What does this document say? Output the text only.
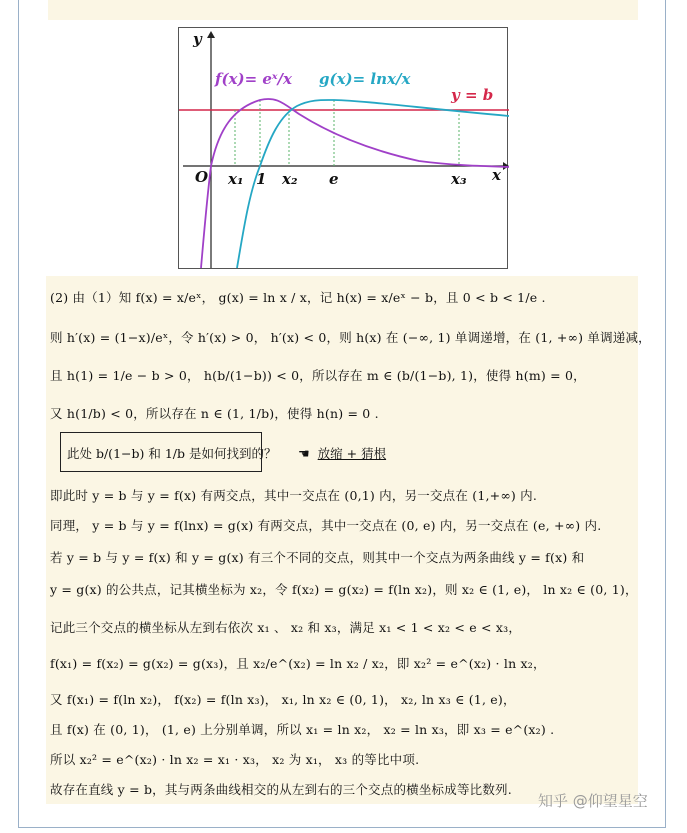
y
x
O
f(x)= eˣ/x g(x)= lnx/x
y = b
x₁ 1 x₂ e	x₃
(2) 由（1）知 f(x) = x/eˣ， g(x) = ln x / x，记 h(x) = x/eˣ − b，且 0 < b < 1/e .
则 h′(x) = (1−x)/eˣ，令 h′(x) > 0， h′(x) < 0，则 h(x) 在 (−∞, 1) 单调递增，在 (1, +∞) 单调递减，
且 h(1) = 1/e − b > 0， h(b/(1−b)) < 0，所以存在 m ∈ (b/(1−b), 1)，使得 h(m) = 0，
又 h(1/b) < 0，所以存在 n ∈ (1, 1/b)，使得 h(n) = 0 .
此处 b/(1−b) 和 1/b 是如何找到的？ ☚ 放缩 + 猜根
即此时 y = b 与 y = f(x) 有两交点，其中一交点在 (0,1) 内，另一交点在 (1,+∞) 内.
同理， y = b 与 y = f(lnx) = g(x) 有两交点，其中一交点在 (0, e) 内，另一交点在 (e, +∞) 内.
若 y = b 与 y = f(x) 和 y = g(x) 有三个不同的交点，则其中一个交点为两条曲线 y = f(x) 和
y = g(x) 的公共点，记其横坐标为 x₂，令 f(x₂) = g(x₂) = f(ln x₂)，则 x₂ ∈ (1, e)， ln x₂ ∈ (0, 1)，
记此三个交点的横坐标从左到右依次 x₁ 、 x₂ 和 x₃，满足 x₁ < 1 < x₂ < e < x₃，
f(x₁) = f(x₂) = g(x₂) = g(x₃)，且 x₂/e^(x₂) = ln x₂ / x₂，即 x₂² = e^(x₂) · ln x₂，
又 f(x₁) = f(ln x₂)， f(x₂) = f(ln x₃)， x₁, ln x₂ ∈ (0, 1)， x₂, ln x₃ ∈ (1, e)，
且 f(x) 在 (0, 1)， (1, e) 上分别单调，所以 x₁ = ln x₂， x₂ = ln x₃，即 x₃ = e^(x₂) .
所以 x₂² = e^(x₂) · ln x₂ = x₁ · x₃， x₂ 为 x₁， x₃ 的等比中项.
故存在直线 y = b，其与两条曲线相交的从左到右的三个交点的横坐标成等比数列.
知乎 @仰望星空
